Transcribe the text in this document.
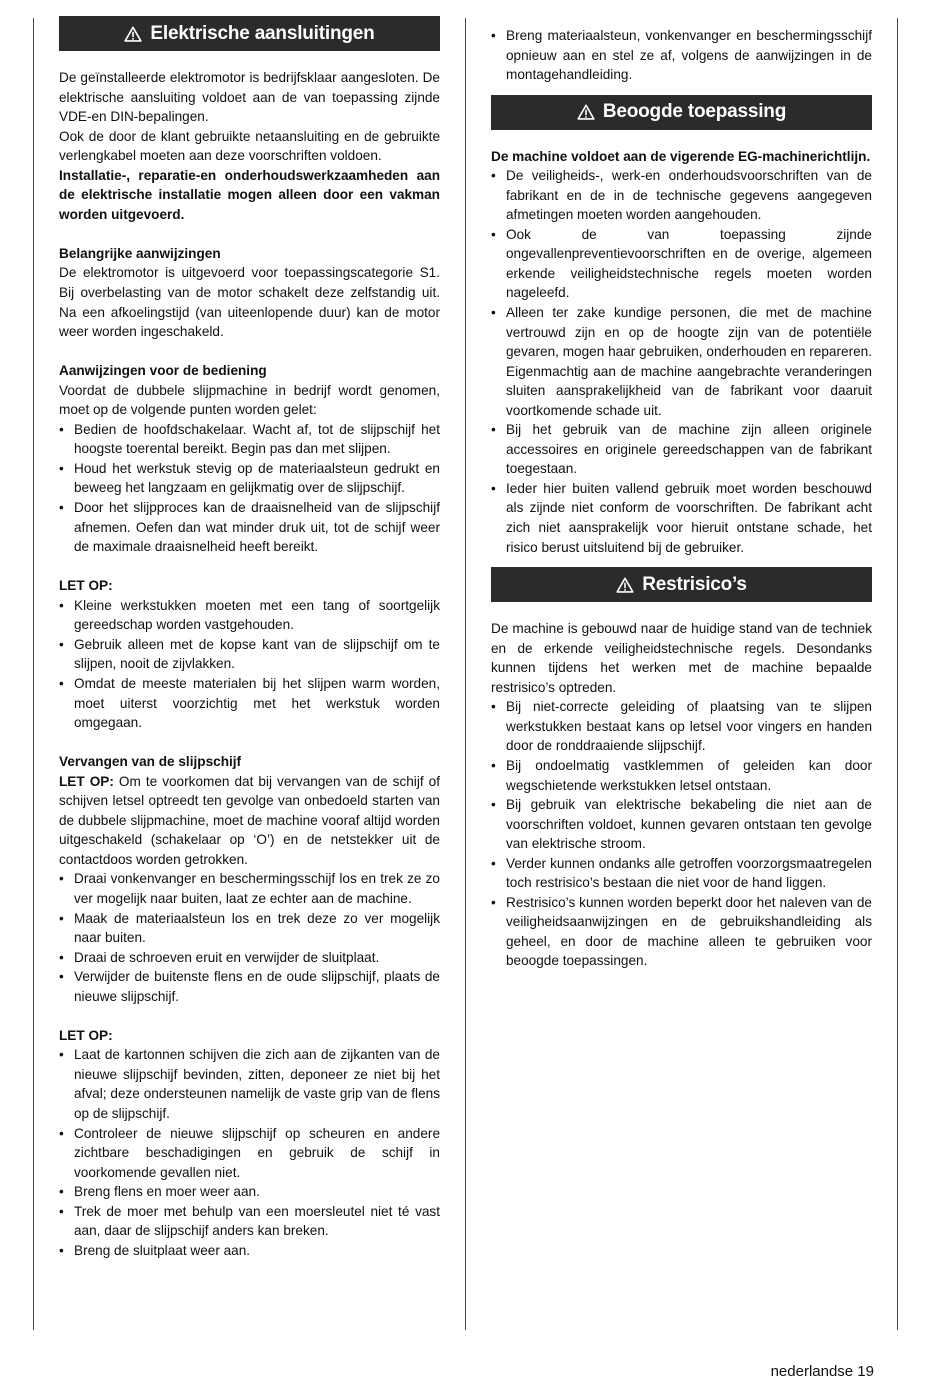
Elektrische aansluitingen

De geïnstalleerde elektromotor is bedrijfsklaar aangesloten. De elektrische aansluiting voldoet aan de van toepassing zijnde VDE-en DIN-bepalingen.

Ook de door de klant gebruikte netaansluiting en de gebruikte verlengkabel moeten aan deze voorschriften voldoen.

Installatie-, reparatie-en onderhoudswerkzaamheden aan de elektrische installatie mogen alleen door een vakman worden uitgevoerd.

Belangrijke aanwijzingen

De elektromotor is uitgevoerd voor toepassingscategorie S1. Bij overbelasting van de motor schakelt deze zelfstandig uit. Na een afkoelingstijd (van uiteenlopende duur) kan de motor weer worden ingeschakeld.

Aanwijzingen voor de bediening

Voordat de dubbele slijpmachine in bedrijf wordt genomen, moet op de volgende punten worden gelet:

• Bedien de hoofdschakelaar. Wacht af, tot de slijpschijf het hoogste toerental bereikt. Begin pas dan met slijpen.
• Houd het werkstuk stevig op de materiaalsteun gedrukt en beweeg het langzaam en gelijkmatig over de slijpschijf.
• Door het slijpproces kan de draaisnelheid van de slijpschijf afnemen. Oefen dan wat minder druk uit, tot de schijf weer de maximale draaisnelheid heeft bereikt.

LET OP:

• Kleine werkstukken moeten met een tang of soortgelijk gereedschap worden vastgehouden.
• Gebruik alleen met de kopse kant van de slijpschijf om te slijpen, nooit de zijvlakken.
• Omdat de meeste materialen bij het slijpen warm worden, moet uiterst voorzichtig met het werkstuk worden omgegaan.

Vervangen van de slijpschijf

LET OP: Om te voorkomen dat bij vervangen van de schijf of schijven letsel optreedt ten gevolge van onbedoeld starten van de dubbele slijpmachine, moet de machine vooraf altijd worden uitgeschakeld (schakelaar op ‘O’) en de netstekker uit de contactdoos worden getrokken.

• Draai vonkenvanger en beschermingsschijf los en trek ze zo ver mogelijk naar buiten, laat ze echter aan de machine.
• Maak de materiaalsteun los en trek deze zo ver mogelijk naar buiten.
• Draai de schroeven eruit en verwijder de sluitplaat.
• Verwijder de buitenste flens en de oude slijpschijf, plaats de nieuwe slijpschijf.

LET OP:

• Laat de kartonnen schijven die zich aan de zijkanten van de nieuwe slijpschijf bevinden, zitten, deponeer ze niet bij het afval; deze ondersteunen namelijk de vaste grip van de flens op de slijpschijf.
• Controleer de nieuwe slijpschijf op scheuren en andere zichtbare beschadigingen en gebruik de schijf in voorkomende gevallen niet.
• Breng flens en moer weer aan.
• Trek de moer met behulp van een moersleutel niet té vast aan, daar de slijpschijf anders kan breken.
• Breng de sluitplaat weer aan.
• Breng materiaalsteun, vonkenvanger en beschermingsschijf opnieuw aan en stel ze af, volgens de aanwijzingen in de montagehandleiding.
Beoogde toepassing

De machine voldoet aan de vigerende EG-machinerichtlijn.

• De veiligheids-, werk-en onderhoudsvoorschriften van de fabrikant en de in de technische gegevens aangegeven afmetingen moeten worden aangehouden.
• Ook de van toepassing zijnde ongevallenpreventievoorschriften en de overige, algemeen erkende veiligheidstechnische regels moeten worden nageleefd.
• Alleen ter zake kundige personen, die met de machine vertrouwd zijn en op de hoogte zijn van de potentiële gevaren, mogen haar gebruiken, onderhouden en repareren. Eigenmachtig aan de machine aangebrachte veranderingen sluiten aansprakelijkheid van de fabrikant voor daaruit voortkomende schade uit.
• Bij het gebruik van de machine zijn alleen originele accessoires en originele gereedschappen van de fabrikant toegestaan.
• Ieder hier buiten vallend gebruik moet worden beschouwd als zijnde niet conform de voorschriften. De fabrikant acht zich niet aansprakelijk voor hieruit ontstane schade, het risico berust uitsluitend bij de gebruiker.
Restrisico’s

De machine is gebouwd naar de huidige stand van de techniek en de erkende veiligheidstechnische regels. Desondanks kunnen tijdens het werken met de machine bepaalde restrisico’s optreden.

• Bij niet-correcte geleiding of plaatsing van te slijpen werkstukken bestaat kans op letsel voor vingers en handen door de ronddraaiende slijpschijf.
• Bij ondoelmatig vastklemmen of geleiden kan door wegschietende werkstukken letsel ontstaan.
• Bij gebruik van elektrische bekabeling die niet aan de voorschriften voldoet, kunnen gevaren ontstaan ten gevolge van elektrische stroom.
• Verder kunnen ondanks alle getroffen voorzorgsmaatregelen toch restrisico’s bestaan die niet voor de hand liggen.
• Restrisico’s kunnen worden beperkt door het naleven van de veiligheidsaanwijzingen en de gebruikshandleiding als geheel, en door de machine alleen te gebruiken voor beoogde toepassingen.
nederlandse 19
